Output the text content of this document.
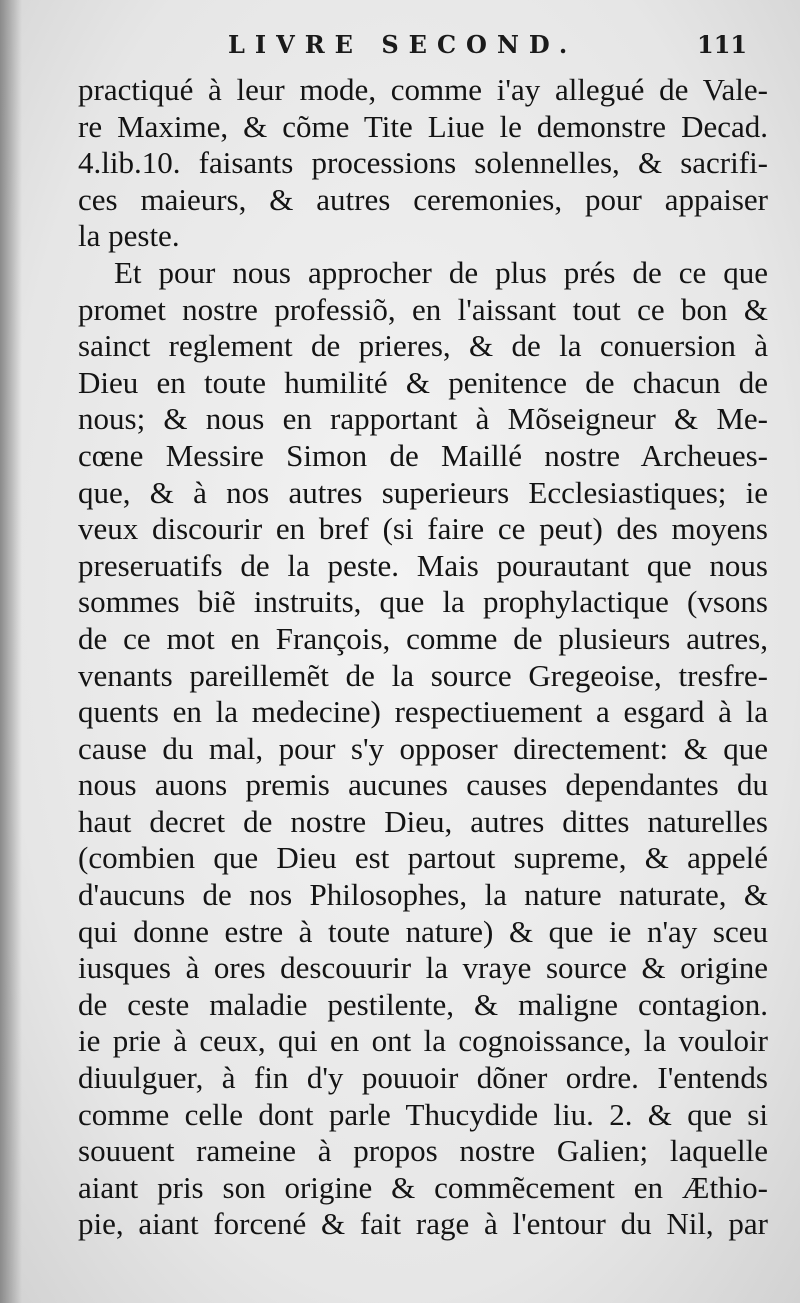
LIVRE SECOND.	111
practiqué à leur mode, comme i'ay allegué de Vale-
re Maxime, & cõme Tite Liue le demonstre Decad.
4.lib.10. faisants processions solennelles, & sacrifi-
ces maieurs, & autres ceremonies, pour appaiser
la peste.
Et pour nous approcher de plus prés de ce que
promet nostre professiõ, en l'aissant tout ce bon &
sainct reglement de prieres, & de la conuersion à
Dieu en toute humilité & penitence de chacun de
nous; & nous en rapportant à Mõseigneur & Me-
cœne Messire Simon de Maillé nostre Archeues-
que, & à nos autres superieurs Ecclesiastiques; ie
veux discourir en bref (si faire ce peut) des moyens
preseruatifs de la peste. Mais pourautant que nous
sommes biẽ instruits, que la prophylactique (vsons
de ce mot en François, comme de plusieurs autres,
venants pareillemẽt de la source Gregeoise, tresfre-
quents en la medecine) respectiuement a esgard à la
cause du mal, pour s'y opposer directement: & que
nous auons premis aucunes causes dependantes du
haut decret de nostre Dieu, autres dittes naturelles
(combien que Dieu est partout supreme, & appelé
d'aucuns de nos Philosophes, la nature naturate, &
qui donne estre à toute nature) & que ie n'ay sceu
iusques à ores descouurir la vraye source & origine
de ceste maladie pestilente, & maligne contagion.
ie prie à ceux, qui en ont la cognoissance, la vouloir
diuulguer, à fin d'y pouuoir dõner ordre. I'entends
comme celle dont parle Thucydide liu. 2. & que si
souuent rameine à propos nostre Galien; laquelle
aiant pris son origine & commẽcement en Æthio-
pie, aiant forcené & fait rage à l'entour du Nil, par
